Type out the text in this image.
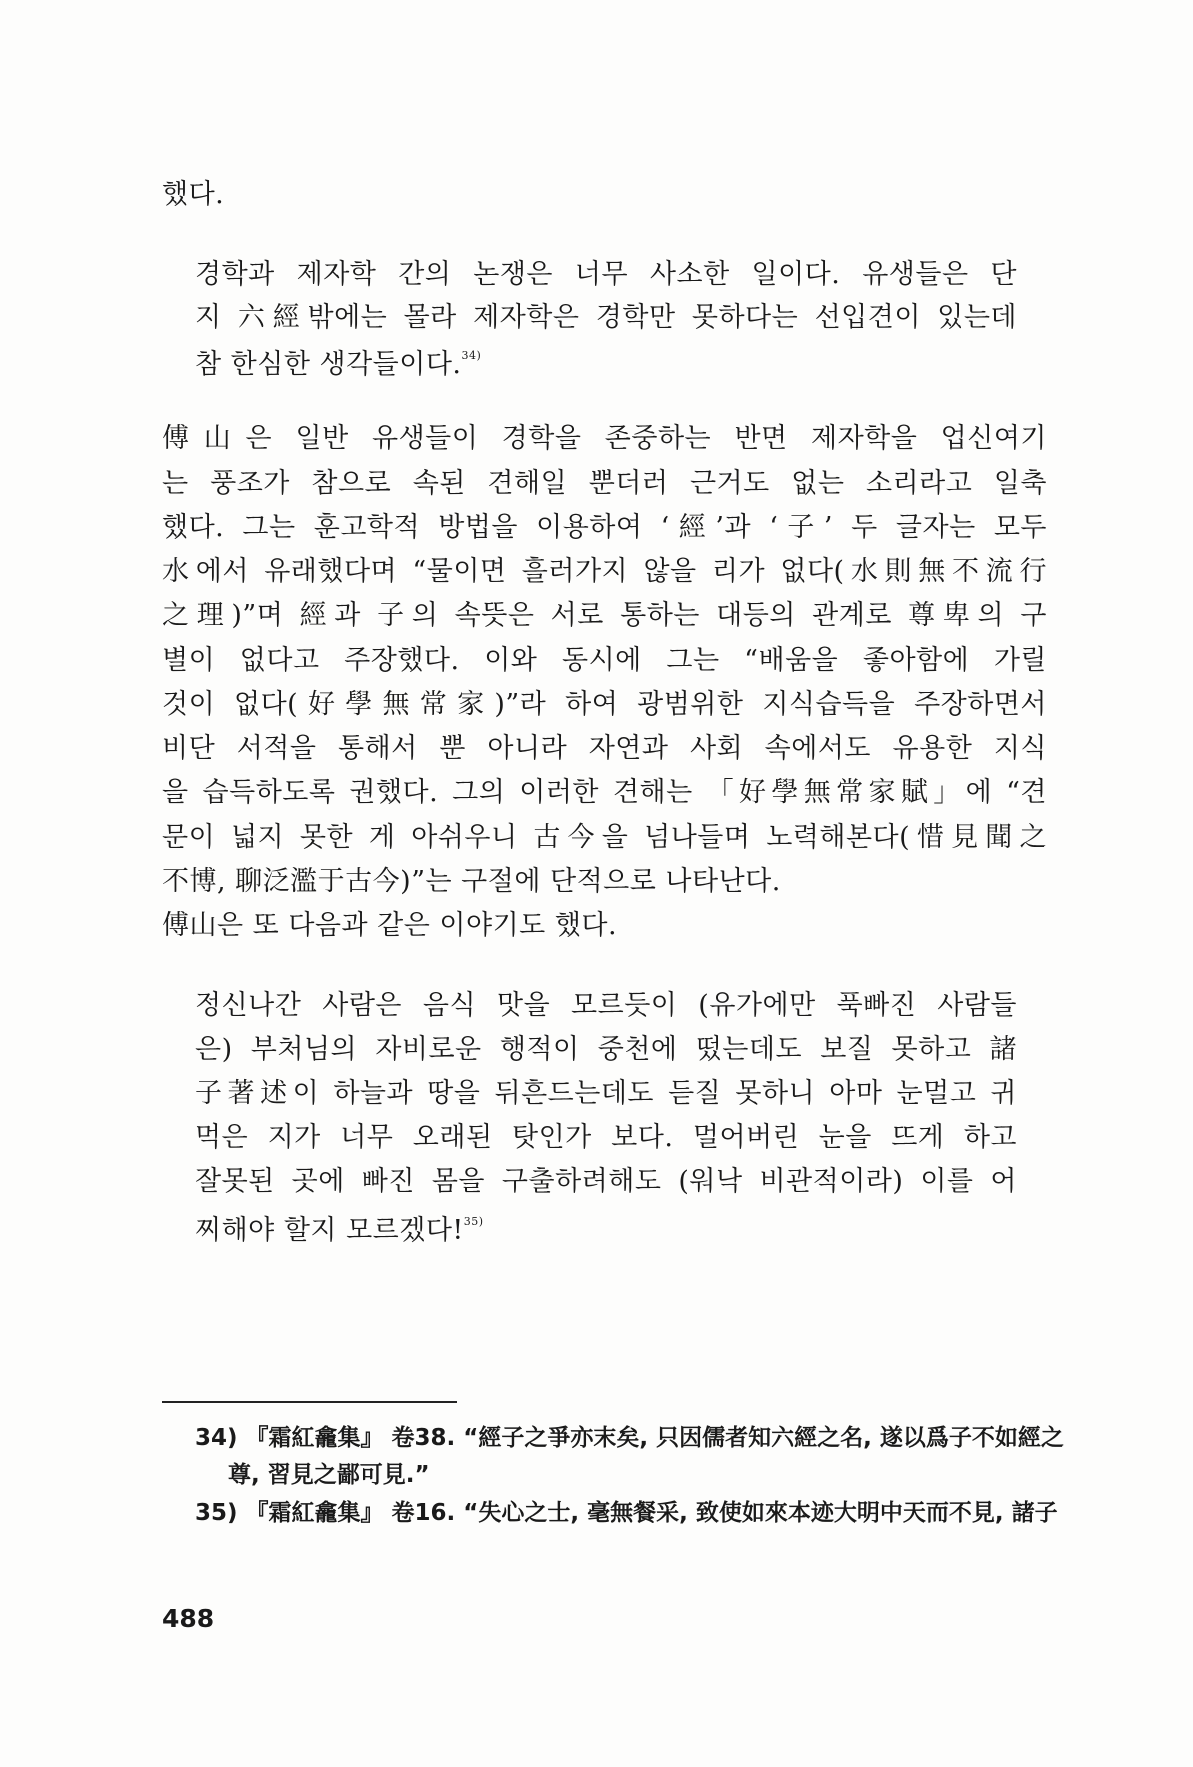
했다.
경학과 제자학 간의 논쟁은 너무 사소한 일이다. 유생들은 단
지 六經밖에는 몰라 제자학은 경학만 못하다는 선입견이 있는데
참 한심한 생각들이다.$^{34)}$
傅山은 일반 유생들이 경학을 존중하는 반면 제자학을 업신여기
는 풍조가 참으로 속된 견해일 뿐더러 근거도 없는 소리라고 일축
했다. 그는 훈고학적 방법을 이용하여 ‘經’과 ‘子’ 두 글자는 모두
水에서 유래했다며 “물이면 흘러가지 않을 리가 없다(水則無不流行
之理)”며 經과 子의 속뜻은 서로 통하는 대등의 관계로 尊卑의 구
별이 없다고 주장했다. 이와 동시에 그는 “배움을 좋아함에 가릴
것이 없다(好學無常家)”라 하여 광범위한 지식습득을 주장하면서
비단 서적을 통해서 뿐 아니라 자연과 사회 속에서도 유용한 지식
을 습득하도록 권했다. 그의 이러한 견해는 「好學無常家賦」에 “견
문이 넓지 못한 게 아쉬우니 古今을 넘나들며 노력해본다(惜見聞之
不博, 聊泛濫于古今)”는 구절에 단적으로 나타난다.
傅山은 또 다음과 같은 이야기도 했다.
정신나간 사람은 음식 맛을 모르듯이 (유가에만 푹빠진 사람들
은) 부처님의 자비로운 행적이 중천에 떴는데도 보질 못하고 諸
子著述이 하늘과 땅을 뒤흔드는데도 듣질 못하니 아마 눈멀고 귀
먹은 지가 너무 오래된 탓인가 보다. 멀어버린 눈을 뜨게 하고
잘못된 곳에 빠진 몸을 구출하려해도 (워낙 비관적이라) 이를 어
찌해야 할지 모르겠다!$^{35)}$
34) 『霜紅龕集』 卷38. “經子之爭亦末矣, 只因儒者知六經之名, 遂以爲子不如經之
尊, 習見之鄙可見.”
35) 『霜紅龕集』 卷16. “失心之士, 毫無餐采, 致使如來本迹大明中天而不見, 諸子
488
